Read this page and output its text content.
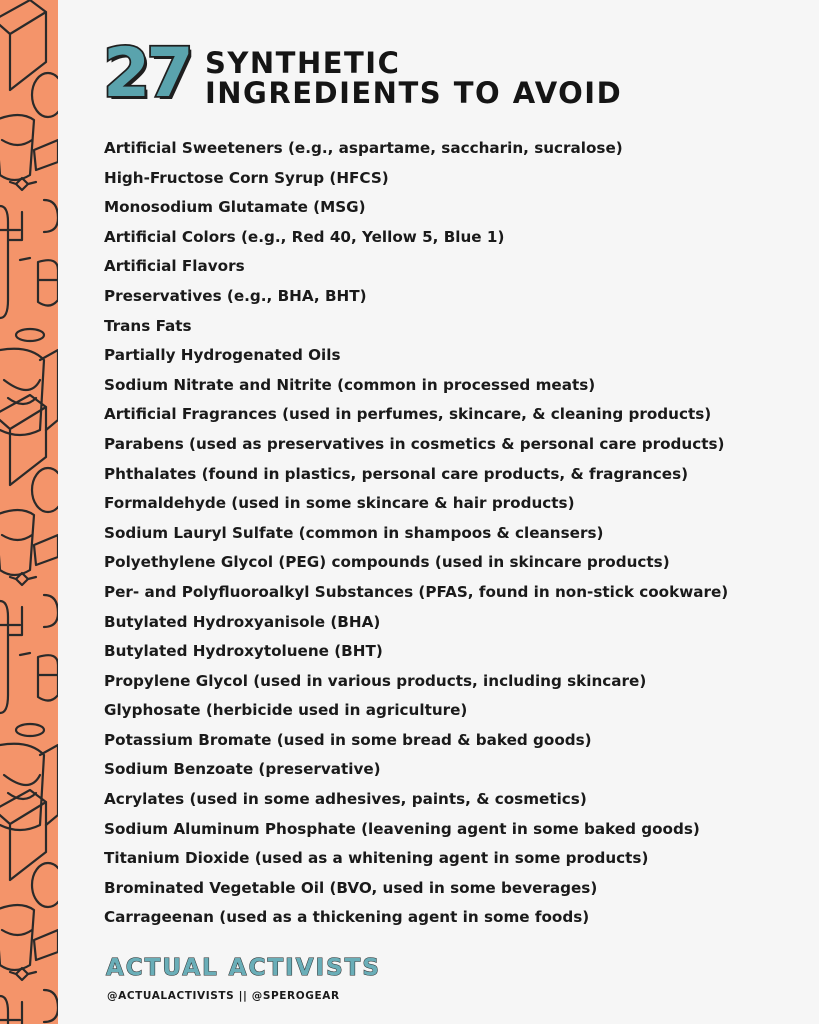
27 SYNTHETIC
INGREDIENTS TO AVOID
Artificial Sweeteners (e.g., aspartame, saccharin, sucralose)
High-Fructose Corn Syrup (HFCS)
Monosodium Glutamate (MSG)
Artificial Colors (e.g., Red 40, Yellow 5, Blue 1)
Artificial Flavors
Preservatives (e.g., BHA, BHT)
Trans Fats
Partially Hydrogenated Oils
Sodium Nitrate and Nitrite (common in processed meats)
Artificial Fragrances (used in perfumes, skincare, & cleaning products)
Parabens (used as preservatives in cosmetics & personal care products)
Phthalates (found in plastics, personal care products, & fragrances)
Formaldehyde (used in some skincare & hair products)
Sodium Lauryl Sulfate (common in shampoos & cleansers)
Polyethylene Glycol (PEG) compounds (used in skincare products)
Per- and Polyfluoroalkyl Substances (PFAS, found in non-stick cookware)
Butylated Hydroxyanisole (BHA)
Butylated Hydroxytoluene (BHT)
Propylene Glycol (used in various products, including skincare)
Glyphosate (herbicide used in agriculture)
Potassium Bromate (used in some bread & baked goods)
Sodium Benzoate (preservative)
Acrylates (used in some adhesives, paints, & cosmetics)
Sodium Aluminum Phosphate (leavening agent in some baked goods)
Titanium Dioxide (used as a whitening agent in some products)
Brominated Vegetable Oil (BVO, used in some beverages)
Carrageenan (used as a thickening agent in some foods)
ACTUAL ACTIVISTS
@ACTUALACTIVISTS || @SPEROGEAR
